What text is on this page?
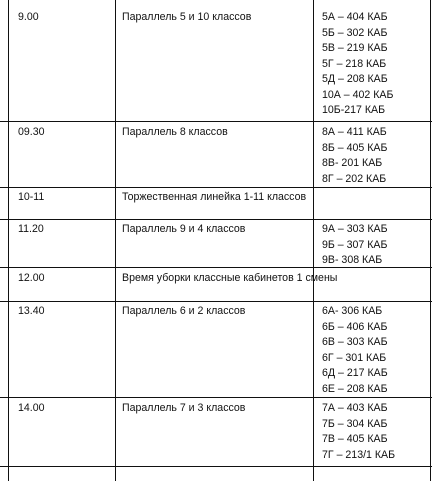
9.00	Параллель 5 и 10 классов	5А – 404 КАБ
5Б – 302 КАБ
5В – 219 КАБ
5Г – 218 КАБ
5Д – 208 КАБ
10А – 402 КАБ
10Б-217 КАБ
09.30	Параллель 8 классов	8А – 411 КАБ
8Б – 405 КАБ
8В- 201 КАБ
8Г – 202 КАБ
10-11	Торжественная линейка 1-11 классов
11.20	Параллель 9 и 4 классов	9А – 303 КАБ
9Б – 307 КАБ
9В- 308 КАБ
12.00	Время уборки классные кабинетов 1 смены
13.40	Параллель 6 и 2 классов	6А- 306 КАБ
6Б – 406 КАБ
6В – 303 КАБ
6Г – 301 КАБ
6Д – 217 КАБ
6Е – 208 КАБ
14.00	Параллель 7 и 3 классов	7А – 403 КАБ
7Б – 304 КАБ
7В – 405 КАБ
7Г – 213/1 КАБ
